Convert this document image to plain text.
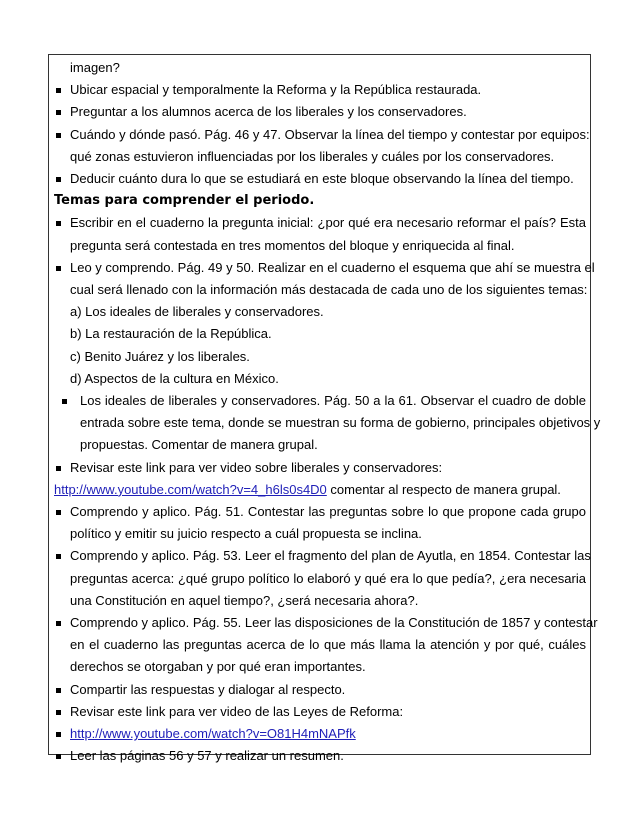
imagen?
Ubicar espacial y temporalmente la Reforma y la República restaurada.
Preguntar a los alumnos acerca de los liberales y los conservadores.
Cuándo y dónde pasó. Pág. 46 y 47. Observar la línea del tiempo y contestar por equipos:
qué zonas estuvieron influenciadas por los liberales y cuáles por los conservadores.
Deducir cuánto dura lo que se estudiará en este bloque observando la línea del tiempo.
Temas para comprender el periodo.
Escribir en el cuaderno la pregunta inicial: ¿por qué era necesario reformar el país? Esta
pregunta será contestada en tres momentos del bloque y enriquecida al final.
Leo y comprendo. Pág. 49 y 50. Realizar en el cuaderno el esquema que ahí se muestra el
cual será llenado con la información más destacada de cada uno de los siguientes temas:
a) Los ideales de liberales y conservadores.
b) La restauración de la República.
c) Benito Juárez y los liberales.
d) Aspectos de la cultura en México.
Los ideales de liberales y conservadores. Pág. 50 a la 61. Observar el cuadro de doble
entrada sobre este tema, donde se muestran su forma de gobierno, principales objetivos y
propuestas. Comentar de manera grupal.
Revisar este link para ver video sobre liberales y conservadores:
http://www.youtube.com/watch?v=4_h6ls0s4D0 comentar al respecto de manera grupal.
Comprendo y aplico. Pág. 51. Contestar las preguntas sobre lo que propone cada grupo
político y emitir su juicio respecto a cuál propuesta se inclina.
Comprendo y aplico. Pág. 53. Leer el fragmento del plan de Ayutla, en 1854. Contestar las
preguntas acerca: ¿qué grupo político lo elaboró y qué era lo que pedía?, ¿era necesaria
una Constitución en aquel tiempo?, ¿será necesaria ahora?.
Comprendo y aplico. Pág. 55. Leer las disposiciones de la Constitución de 1857 y contestar
en el cuaderno las preguntas acerca de lo que más llama la atención y por qué, cuáles
derechos se otorgaban y por qué eran importantes.
Compartir las respuestas y dialogar al respecto.
Revisar este link para ver video de las Leyes de Reforma:
http://www.youtube.com/watch?v=O81H4mNAPfk
Leer las páginas 56 y 57 y realizar un resumen.
